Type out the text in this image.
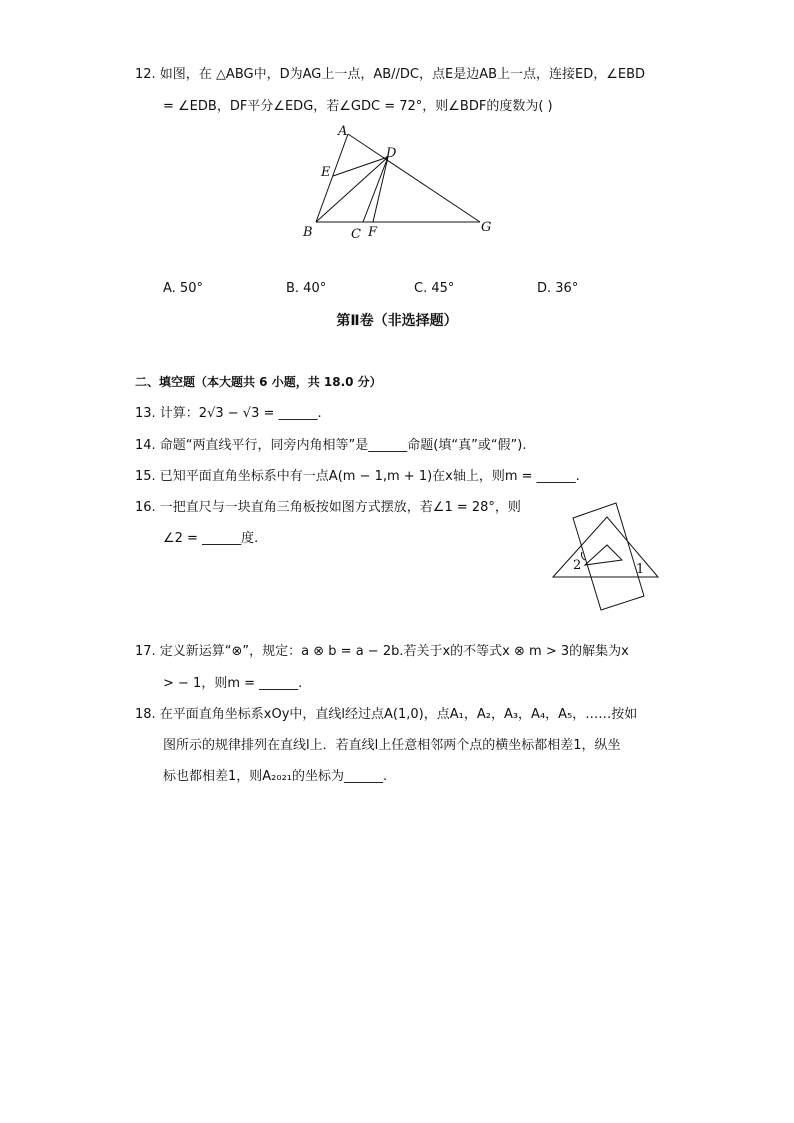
12. 如图，在 △ABG中，D为AG上一点，AB//DC，点E是边AB上一点，连接ED，∠EBD
= ∠EDB，DF平分∠EDG，若∠GDC = 72°，则∠BDF的度数为( )
A
D
E
B	C F	G
A. 50°	B. 40°	C. 45°	D. 36°
第Ⅱ卷（非选择题）
二、填空题（本大题共 6 小题，共 18.0 分）
13. 计算：2√3 − √3 = ______.
14. 命题“两直线平行，同旁内角相等”是______命题(填“真”或“假”).
15. 已知平面直角坐标系中有一点A(m − 1,m + 1)在x轴上，则m = ______.
16. 一把直尺与一块直角三角板按如图方式摆放，若∠1 = 28°，则
∠2 = ______度.
2	1
17. 定义新运算“⊗”，规定：a ⊗ b = a − 2b.若关于x的不等式x ⊗ m > 3的解集为x
> − 1，则m = ______.
18. 在平面直角坐标系xOy中，直线l经过点A(1,0)，点A₁，A₂，A₃，A₄，A₅，……按如
图所示的规律排列在直线l上．若直线l上任意相邻两个点的横坐标都相差1，纵坐
标也都相差1，则A₂₀₂₁的坐标为______.
